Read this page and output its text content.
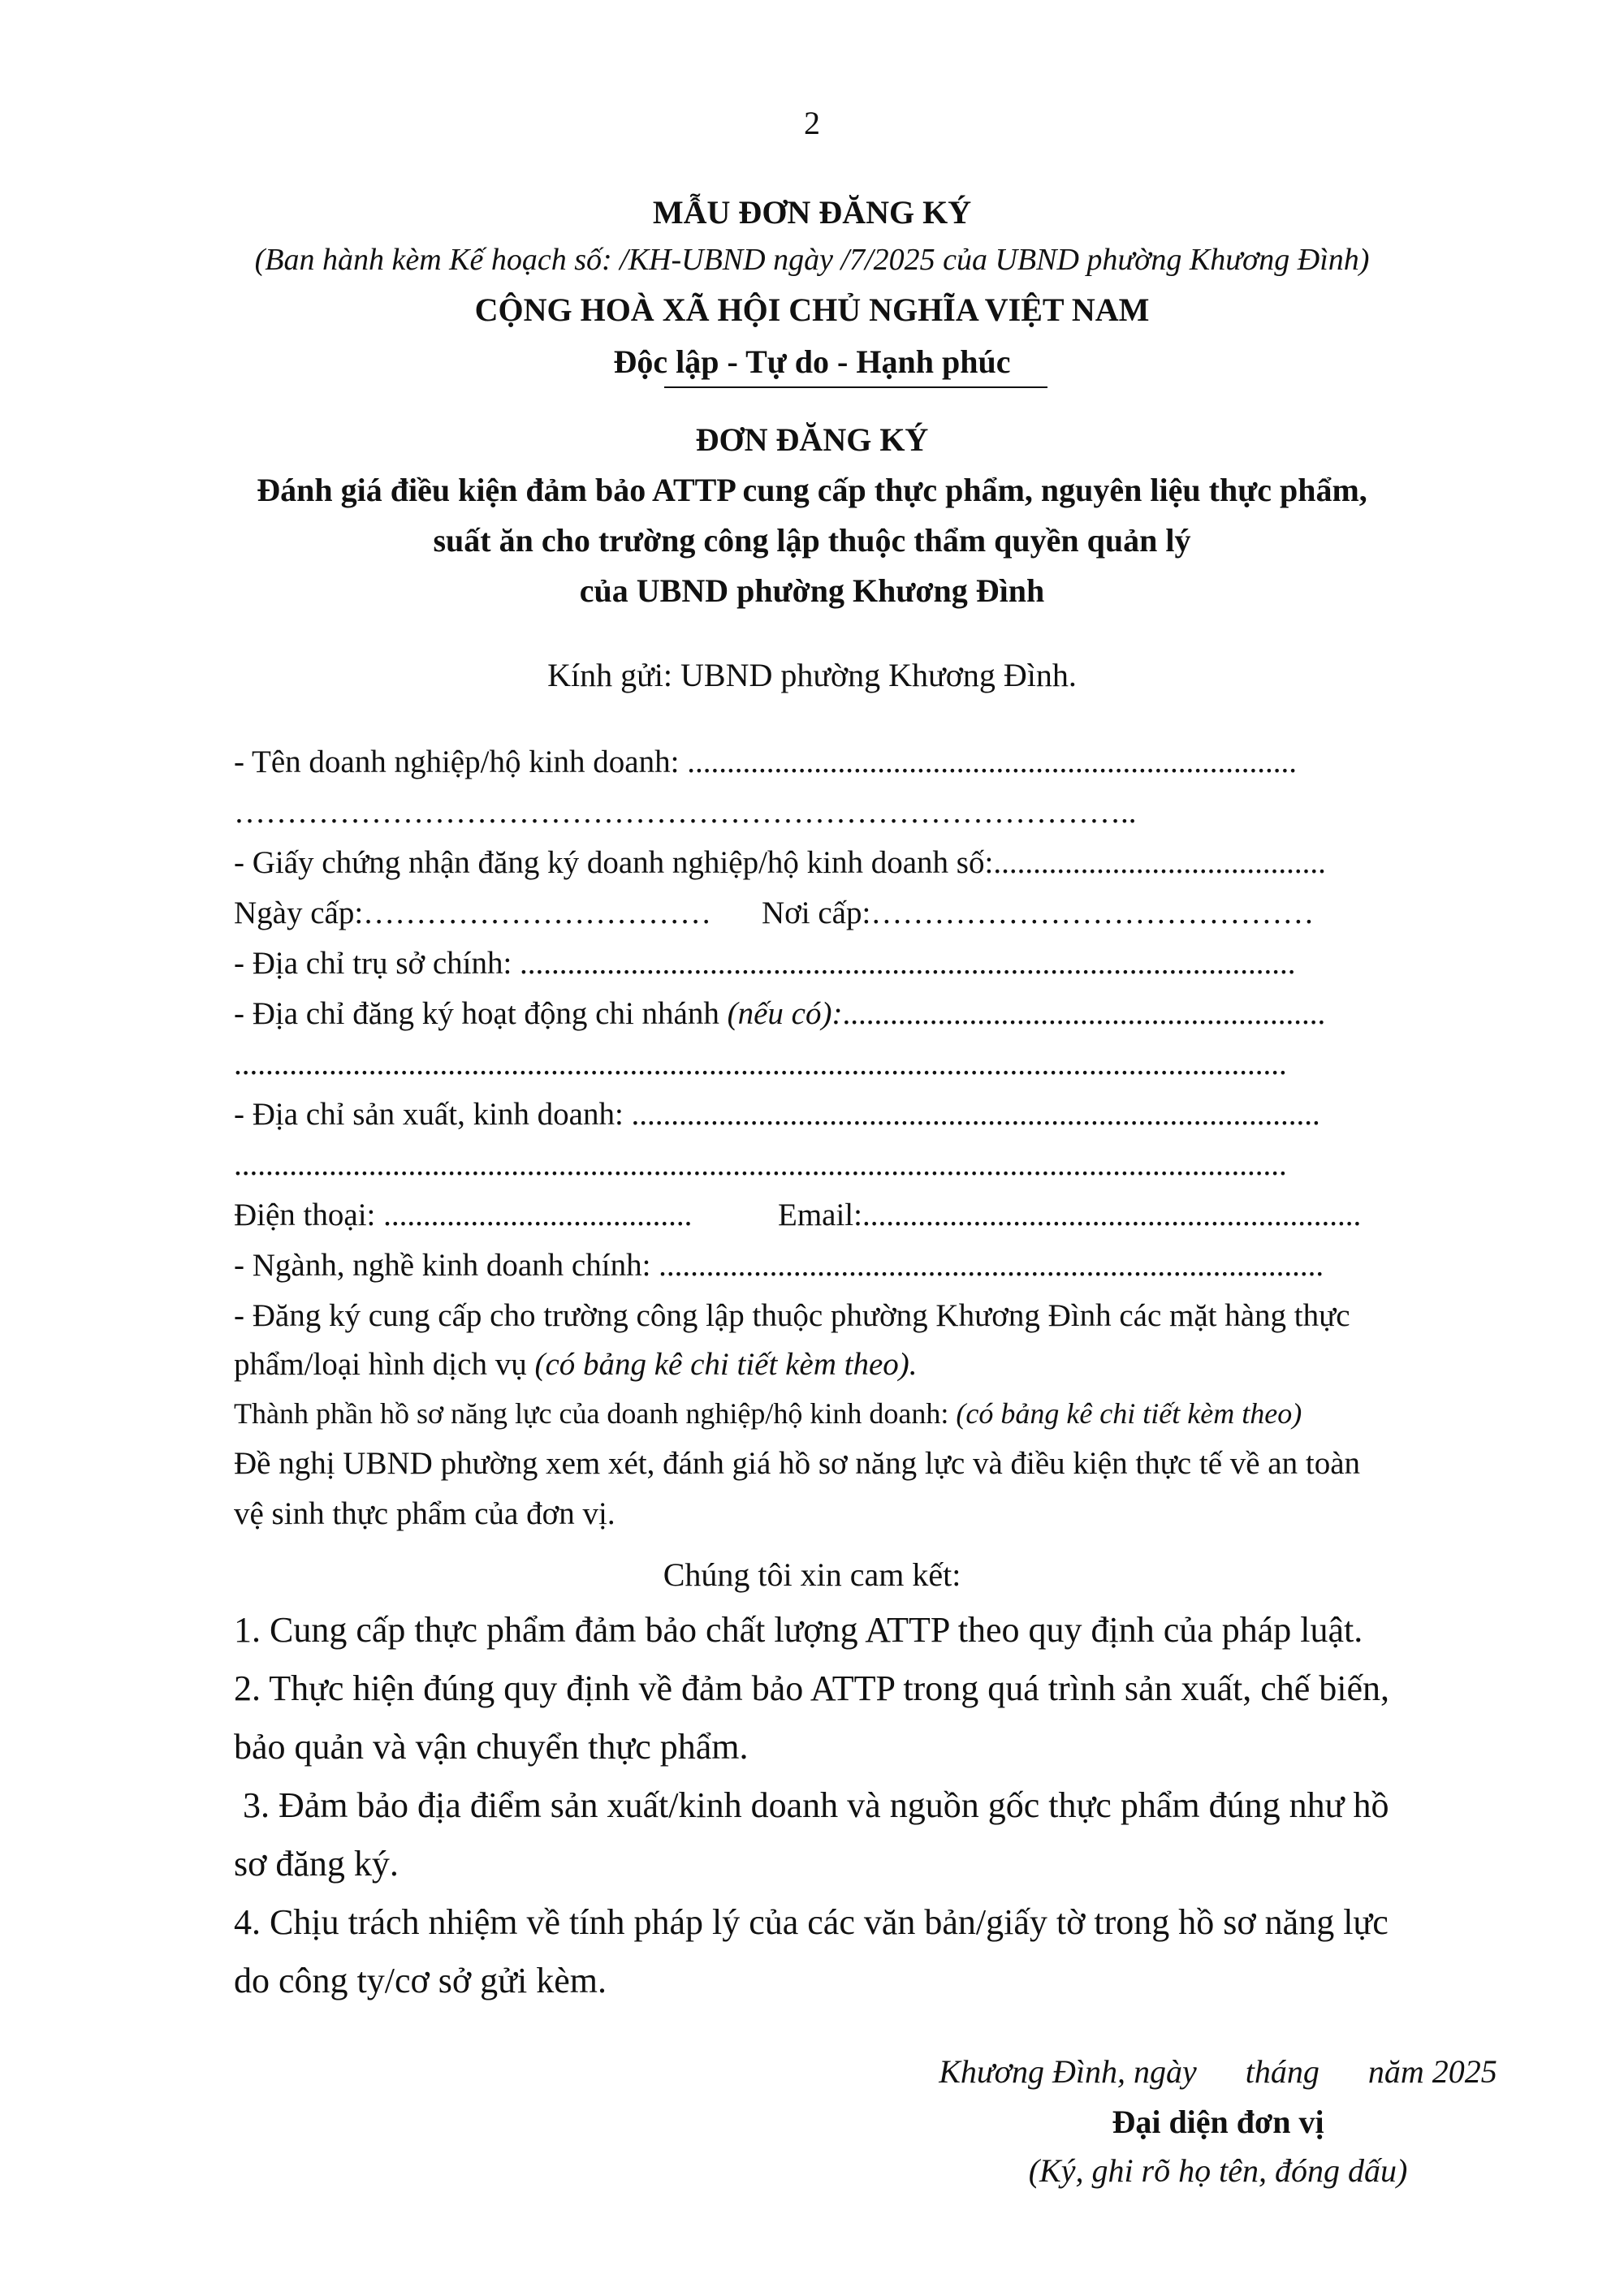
2
MẪU ĐƠN ĐĂNG KÝ
(Ban hành kèm Kế hoạch số: /KH-UBND ngày /7/2025 của UBND phường Khương Đình)
CỘNG HOÀ XÃ HỘI CHỦ NGHĨA VIỆT NAM
Độc lập - Tự do - Hạnh phúc
ĐƠN ĐĂNG KÝ
Đánh giá điều kiện đảm bảo ATTP cung cấp thực phẩm, nguyên liệu thực phẩm,
suất ăn cho trường công lập thuộc thẩm quyền quản lý
của UBND phường Khương Đình
Kính gửi: UBND phường Khương Đình.
- Tên doanh nghiệp/hộ kinh doanh: .............................................................................
…………………………………………………………………………..
- Giấy chứng nhận đăng ký doanh nghiệp/hộ kinh doanh số:..........................................
Ngày cấp:…………………………… Nơi cấp:……………………………………
- Địa chỉ trụ sở chính: ..................................................................................................
- Địa chỉ đăng ký hoạt động chi nhánh (nếu có):.............................................................
.....................................................................................................................................
- Địa chỉ sản xuất, kinh doanh: .......................................................................................
.....................................................................................................................................
Điện thoại: .......................................	Email:...............................................................
- Ngành, nghề kinh doanh chính: ....................................................................................
- Đăng ký cung cấp cho trường công lập thuộc phường Khương Đình các mặt hàng thực
phẩm/loại hình dịch vụ (có bảng kê chi tiết kèm theo).
Thành phần hồ sơ năng lực của doanh nghiệp/hộ kinh doanh: (có bảng kê chi tiết kèm theo)
Đề nghị UBND phường xem xét, đánh giá hồ sơ năng lực và điều kiện thực tế về an toàn
vệ sinh thực phẩm của đơn vị.
Chúng tôi xin cam kết:
1. Cung cấp thực phẩm đảm bảo chất lượng ATTP theo quy định của pháp luật.
2. Thực hiện đúng quy định về đảm bảo ATTP trong quá trình sản xuất, chế biến,
bảo quản và vận chuyển thực phẩm.
3. Đảm bảo địa điểm sản xuất/kinh doanh và nguồn gốc thực phẩm đúng như hồ
sơ đăng ký.
4. Chịu trách nhiệm về tính pháp lý của các văn bản/giấy tờ trong hồ sơ năng lực
do công ty/cơ sở gửi kèm.
Khương Đình, ngày      tháng      năm 2025
Đại diện đơn vị
(Ký, ghi rõ họ tên, đóng dấu)
